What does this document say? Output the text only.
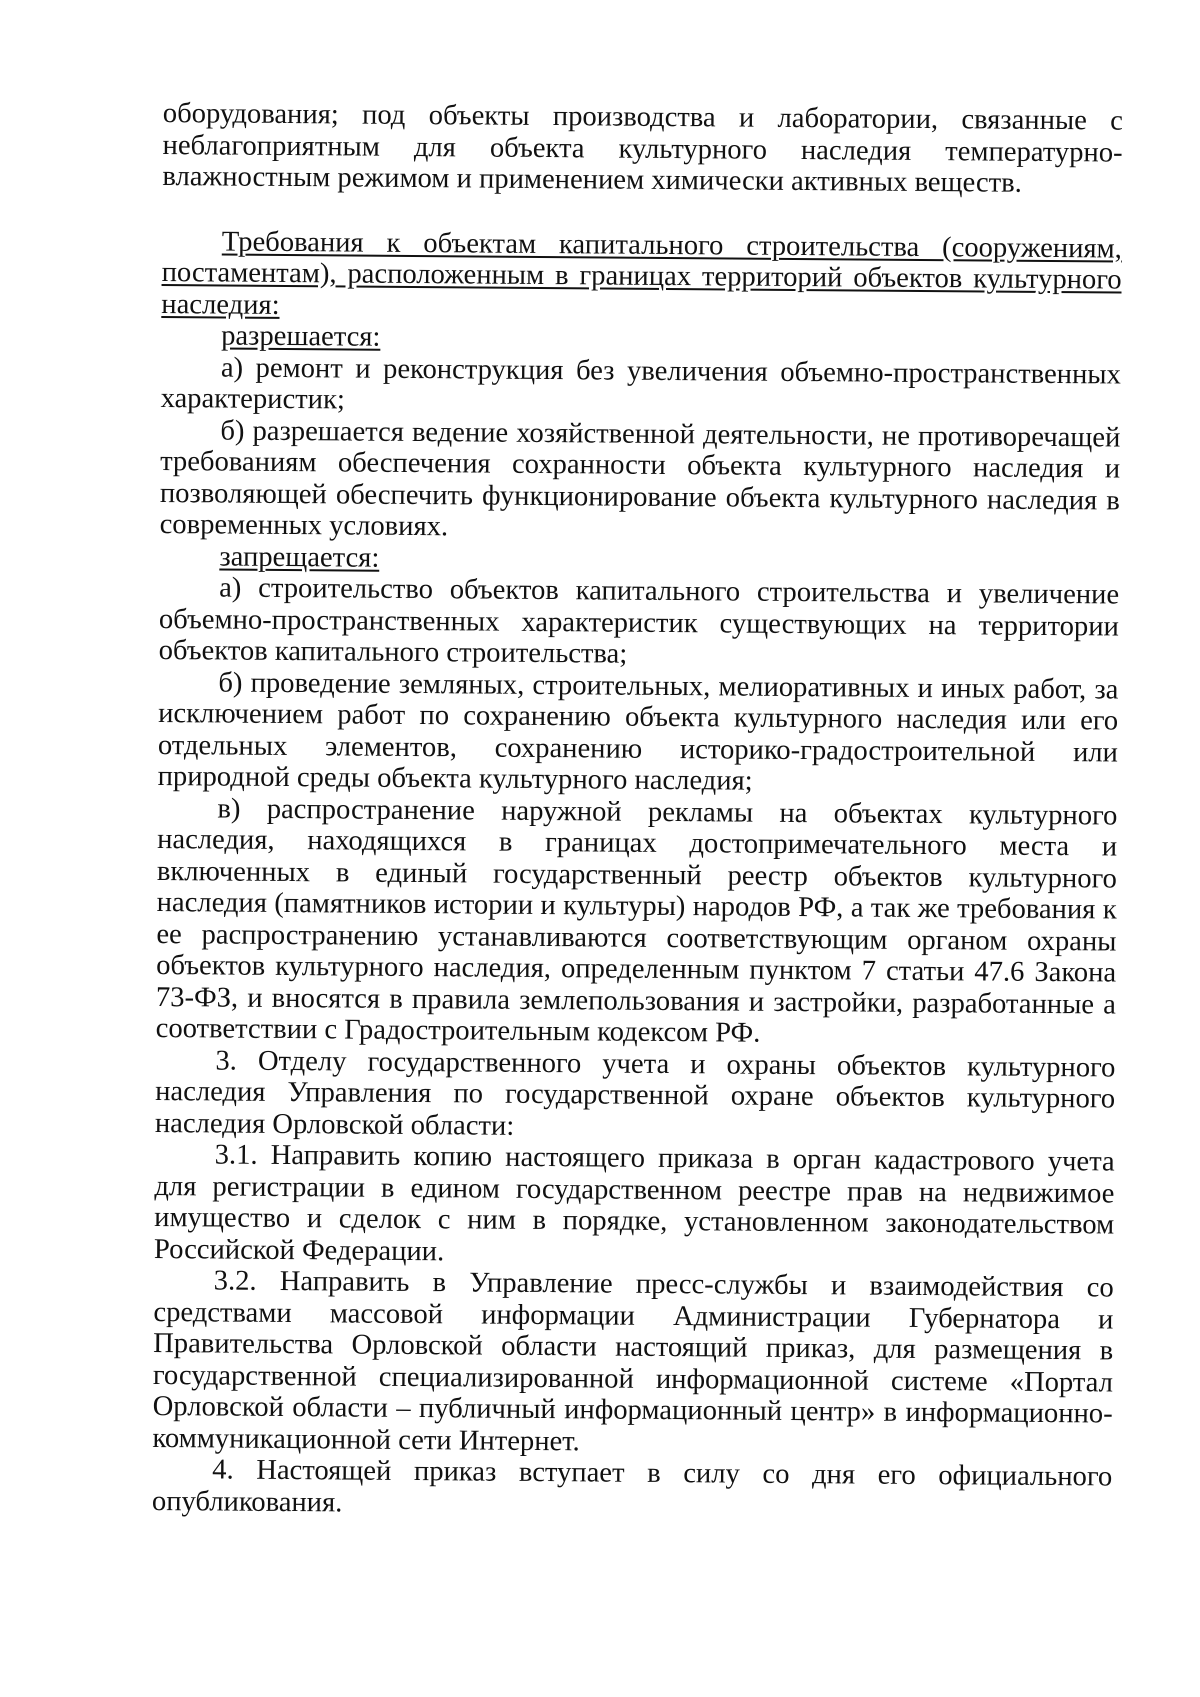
оборудования; под объекты производства и лаборатории, связанные с неблагоприятным для объекта культурного наследия температурно-влажностным режимом и применением химически активных веществ.

Требования к объектам капитального строительства (сооружениям, постаментам), расположенным в границах территорий объектов культурного наследия:

разрешается:

а) ремонт и реконструкция без увеличения объемно-пространственных характеристик;

б) разрешается ведение хозяйственной деятельности, не противоречащей требованиям обеспечения сохранности объекта культурного наследия и позволяющей обеспечить функционирование объекта культурного наследия в современных условиях.

запрещается:

а) строительство объектов капитального строительства и увеличение объемно-пространственных характеристик существующих на территории объектов капитального строительства;

б) проведение земляных, строительных, мелиоративных и иных работ, за исключением работ по сохранению объекта культурного наследия или его отдельных элементов, сохранению историко-градостроительной или природной среды объекта культурного наследия;

в) распространение наружной рекламы на объектах культурного наследия, находящихся в границах достопримечательного места и включенных в единый государственный реестр объектов культурного наследия (памятников истории и культуры) народов РФ, а так же требования к ее распространению устанавливаются соответствующим органом охраны объектов культурного наследия, определенным пунктом 7 статьи 47.6 Закона 73-ФЗ, и вносятся в правила землепользования и застройки, разработанные а соответствии с Градостроительным кодексом РФ.

3. Отделу государственного учета и охраны объектов культурного наследия Управления по государственной охране объектов культурного наследия Орловской области:

3.1. Направить копию настоящего приказа в орган кадастрового учета для регистрации в едином государственном реестре прав на недвижимое имущество и сделок с ним в порядке, установленном законодательством Российской Федерации.

3.2. Направить в Управление пресс-службы и взаимодействия со средствами массовой информации Администрации Губернатора и Правительства Орловской области настоящий приказ, для размещения в государственной специализированной информационной системе «Портал Орловской области – публичный информационный центр» в информационно-коммуникационной сети Интернет.

4. Настоящей приказ вступает в силу со дня его официального опубликования.
